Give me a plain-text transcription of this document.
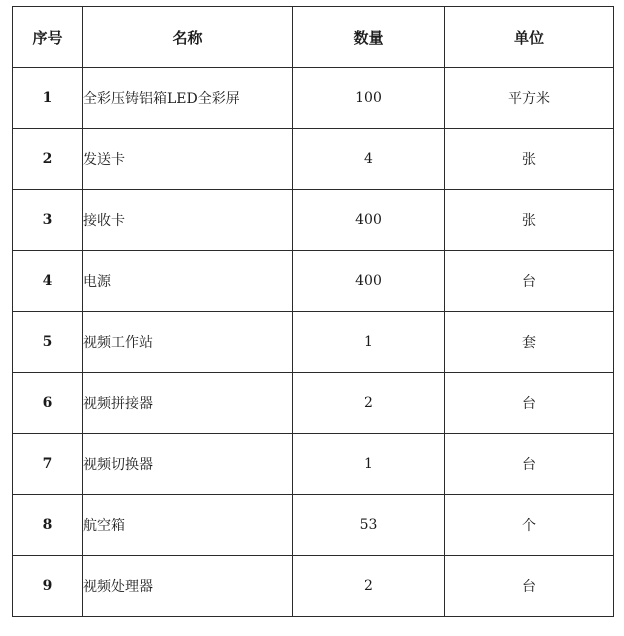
序号	名称	数量	单位
1	全彩压铸铝箱LED全彩屏	100	平方米
2	发送卡	4	张
3	接收卡	400	张
4	电源	400	台
5	视频工作站	1	套
6	视频拼接器	2	台
7	视频切换器	1	台
8	航空箱	53	个
9	视频处理器	2	台
